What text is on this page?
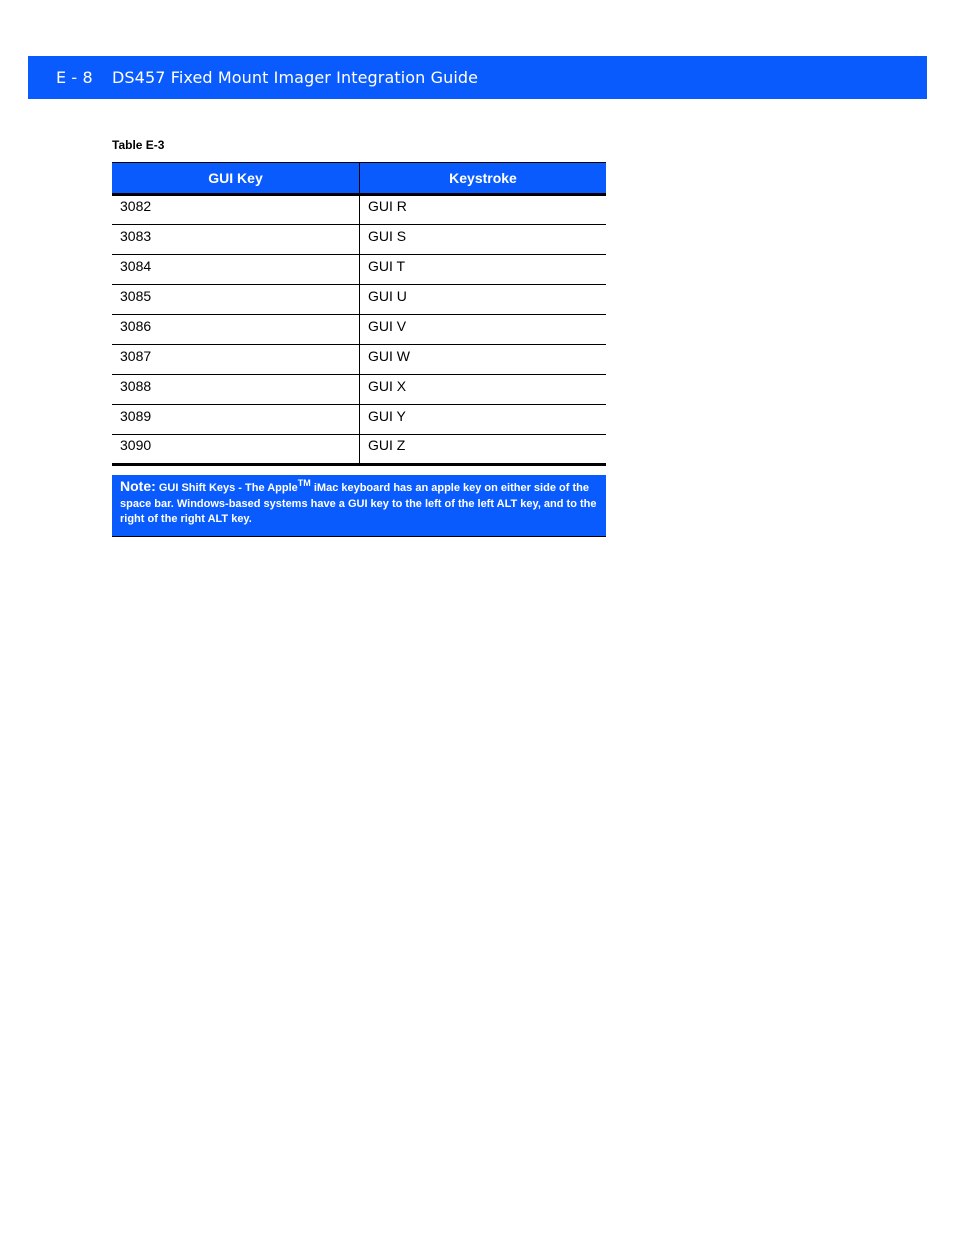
E - 8 DS457 Fixed Mount Imager Integration Guide
Table E-3
GUI Key	Keystroke
3082	GUI R
3083	GUI S
3084	GUI T
3085	GUI U
3086	GUI V
3087	GUI W
3088	GUI X
3089	GUI Y
3090	GUI Z
Note: GUI Shift Keys - The Apple™ iMac keyboard has an apple key on either side of the space bar. Windows-based systems have a GUI key to the left of the left ALT key, and to the right of the right ALT key.
